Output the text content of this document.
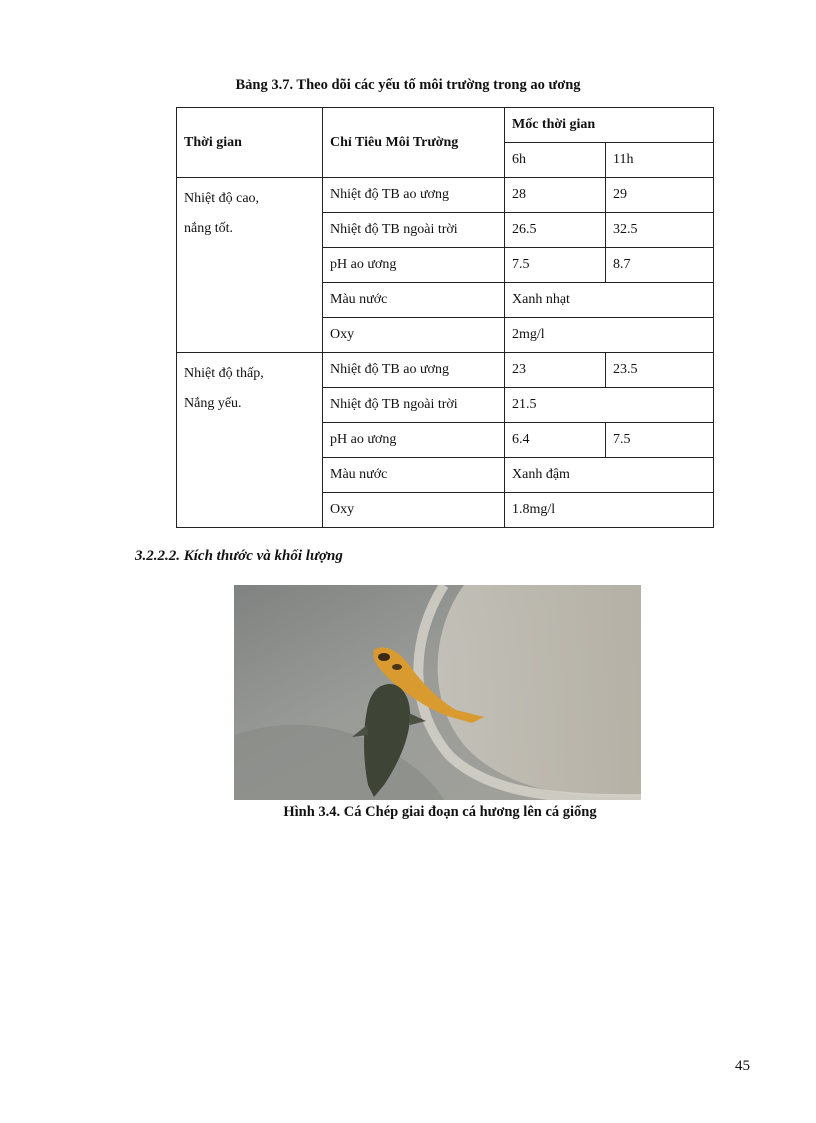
Bảng 3.7. Theo dõi các yếu tố môi trường trong ao ương
Thời gian	Chỉ Tiêu Môi Trường	Mốc thời gian	
		6h	11h

Nhiệt độ cao,
nắng tốt.	Nhiệt độ TB ao ương	28	29
	Nhiệt độ TB ngoài trời	26.5	32.5
	pH ao ương	7.5	8.7
	Màu nước	Xanh nhạt	
	Oxy	2mg/l	

Nhiệt độ thấp,
Nắng yếu.	Nhiệt độ TB ao ương	23	23.5
	Nhiệt độ TB ngoài trời	21.5	
	pH ao ương	6.4	7.5
	Màu nước	Xanh đậm	
	Oxy	1.8mg/l	
3.2.2.2. Kích thước và khối lượng
Hình 3.4. Cá Chép giai đoạn cá hương lên cá giống
45
